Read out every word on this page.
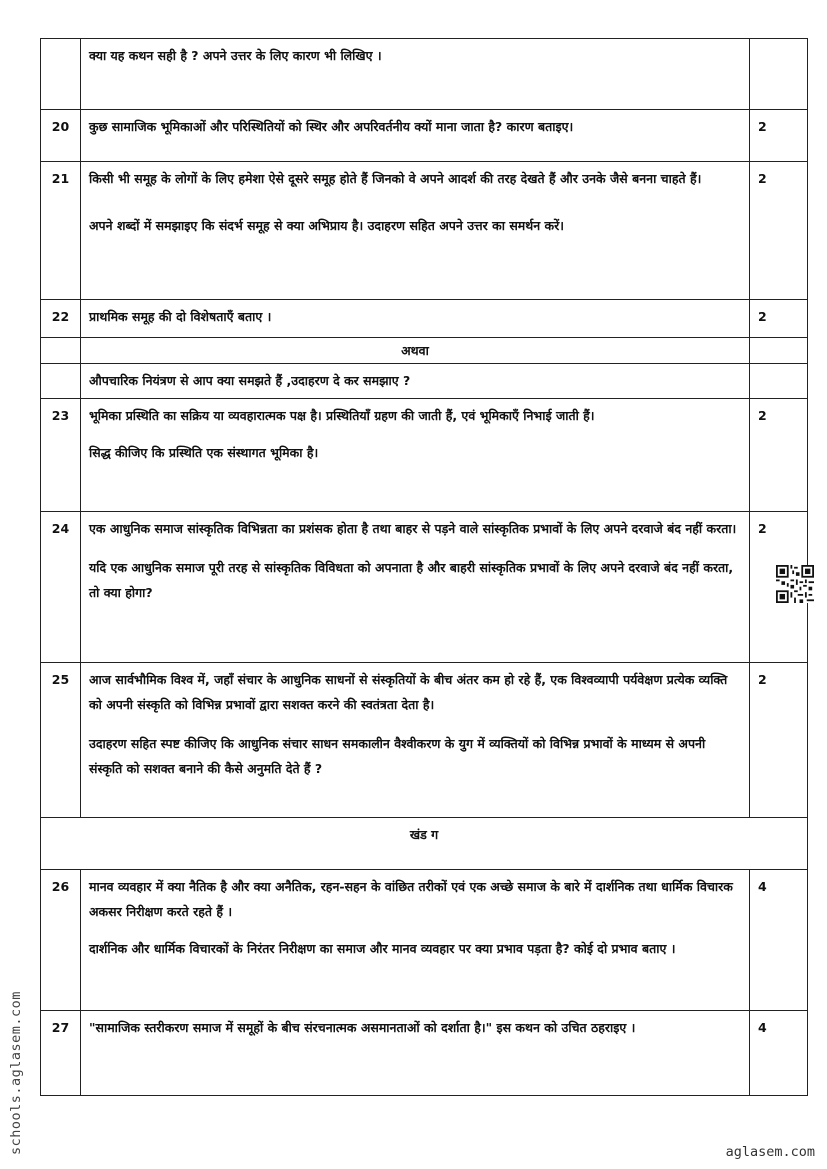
	क्या यह कथन सही है ? अपने उत्तर के लिए कारण भी लिखिए ।	

20	कुछ सामाजिक भूमिकाओं और परिस्थितियों को स्थिर और अपरिवर्तनीय क्यों माना जाता है? कारण बताइए।	2
21	किसी भी समूह के लोगों के लिए हमेशा ऐसे दूसरे समूह होते हैं जिनको वे अपने आदर्श की तरह देखते हैं और उनके जैसे बनना चाहते हैं।

अपने शब्दों में समझाइए कि संदर्भ समूह से क्या अभिप्राय है। उदाहरण सहित अपने उत्तर का समर्थन करें।	2
22	प्राथमिक समूह की दो विशेषताएँ बताए ।	2
	अथवा	

	औपचारिक नियंत्रण से आप क्या समझते हैं ,उदाहरण दे कर समझाए ?	

23	भूमिका प्रस्थिति का सक्रिय या व्यवहारात्मक पक्ष है। प्रस्थितियाँ ग्रहण की जाती हैं, एवं भूमिकाएँ निभाई जाती हैं।

सिद्ध कीजिए कि प्रस्थिति एक संस्थागत भूमिका है।	2
24	एक आधुनिक समाज सांस्कृतिक विभिन्नता का प्रशंसक होता है तथा बाहर से पड़ने वाले सांस्कृतिक प्रभावों के लिए अपने दरवाजे बंद नहीं करता।

यदि एक आधुनिक समाज पूरी तरह से सांस्कृतिक विविधता को अपनाता है और बाहरी सांस्कृतिक प्रभावों के लिए अपने दरवाजे बंद नहीं करता, तो क्या होगा?	2
25	आज सार्वभौमिक विश्व में, जहाँ संचार के आधुनिक साधनों से संस्कृतियों के बीच अंतर कम हो रहे हैं, एक विश्वव्यापी पर्यवेक्षण प्रत्येक व्यक्ति को अपनी संस्कृति को विभिन्न प्रभावों द्वारा सशक्त करने की स्वतंत्रता देता है।

उदाहरण सहित स्पष्ट कीजिए कि आधुनिक संचार साधन समकालीन वैश्वीकरण के युग में व्यक्तियों को विभिन्न प्रभावों के माध्यम से अपनी संस्कृति को सशक्त बनाने की कैसे अनुमति देते हैं ?	2
खंड ग		
26	मानव व्यवहार में क्या नैतिक है और क्या अनैतिक, रहन-सहन के वांछित तरीकों एवं एक अच्छे समाज के बारे में दार्शनिक तथा धार्मिक विचारक अकसर निरीक्षण करते रहते हैं ।

दार्शनिक और धार्मिक विचारकों के निरंतर निरीक्षण का समाज और मानव व्यवहार पर क्या प्रभाव पड़ता है? कोई दो प्रभाव बताए ।	4
27	"सामाजिक स्तरीकरण समाज में समूहों के बीच संरचनात्मक असमानताओं को दर्शाता है।" इस कथन को उचित ठहराइए ।	4
schools.aglasem.com	aglasem.com
